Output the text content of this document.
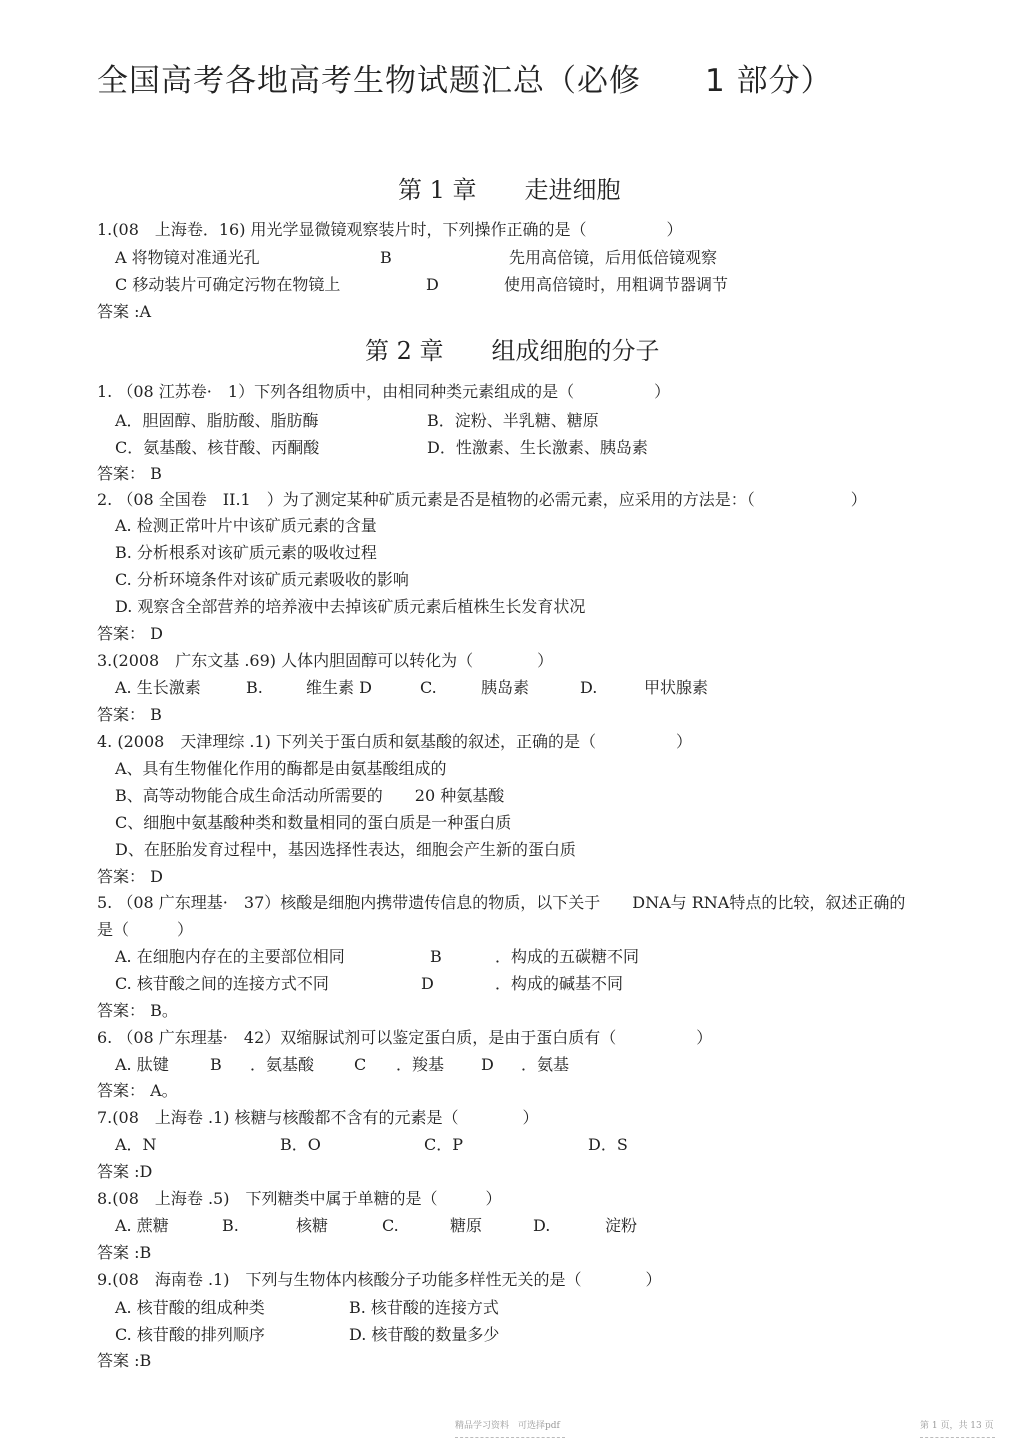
全国高考各地高考生物试题汇总（必修　　1 部分）
第 1 章　　走进细胞
1.(08　上海卷．16) 用光学显微镜观察装片时，下列操作正确的是（　　　　　）
A 将物镜对准通光孔	B	先用高倍镜，后用低倍镜观察
C 移动装片可确定污物在物镜上	D	使用高倍镜时，用粗调节器调节
答案 :A
第 2 章　　组成细胞的分子
1. （08 江苏卷·　1）下列各组物质中，由相同种类元素组成的是（　　　　　）
A．胆固醇、脂肪酸、脂肪酶	B．淀粉、半乳糖、糖原
C．氨基酸、核苷酸、丙酮酸	D．性激素、生长激素、胰岛素
答案： B
2. （08 全国卷　II.1　）为了测定某种矿质元素是否是植物的必需元素，应采用的方法是：（　　　　　　）
A. 检测正常叶片中该矿质元素的含量
B. 分析根系对该矿质元素的吸收过程
C. 分析环境条件对该矿质元素吸收的影响
D. 观察含全部营养的培养液中去掉该矿质元素后植株生长发育状况
答案： D
3.(2008　广东文基 .69) 人体内胆固醇可以转化为（　　　　）
A. 生长激素	B.	维生素 D	C.	胰岛素	D.	甲状腺素
答案： B
4. (2008　天津理综 .1) 下列关于蛋白质和氨基酸的叙述，正确的是（　　　　　）
A、具有生物催化作用的酶都是由氨基酸组成的
B、高等动物能合成生命活动所需要的　　20 种氨基酸
C、细胞中氨基酸种类和数量相同的蛋白质是一种蛋白质
D、在胚胎发育过程中，基因选择性表达，细胞会产生新的蛋白质
答案： D
5. （08 广东理基·　37）核酸是细胞内携带遗传信息的物质，以下关于　　DNA与 RNA特点的比较，叙述正确的
是（　　　）
A. 在细胞内存在的主要部位相同	B	．构成的五碳糖不同
C. 核苷酸之间的连接方式不同	D	．构成的碱基不同
答案： B。
6. （08 广东理基·　42）双缩脲试剂可以鉴定蛋白质，是由于蛋白质有（　　　　　）
A. 肽键	B ．氨基酸 C ．羧基 D ．氨基
答案： A。
7.(08　上海卷 .1) 核糖与核酸都不含有的元素是（　　　　）
A．N	B．O	C．P	D．S
答案 :D
8.(08　上海卷 .5)　下列糖类中属于单糖的是（　　　）
A. 蔗糖	B.	核糖	C.	糖原	D.	淀粉
答案 :B
9.(08　海南卷 .1)　下列与生物体内核酸分子功能多样性无关的是（　　　　）
A. 核苷酸的组成种类	B. 核苷酸的连接方式
C. 核苷酸的排列顺序	D. 核苷酸的数量多少
答案 :B
精品学习资料　可选择pdf	第 1 页，共 13 页
